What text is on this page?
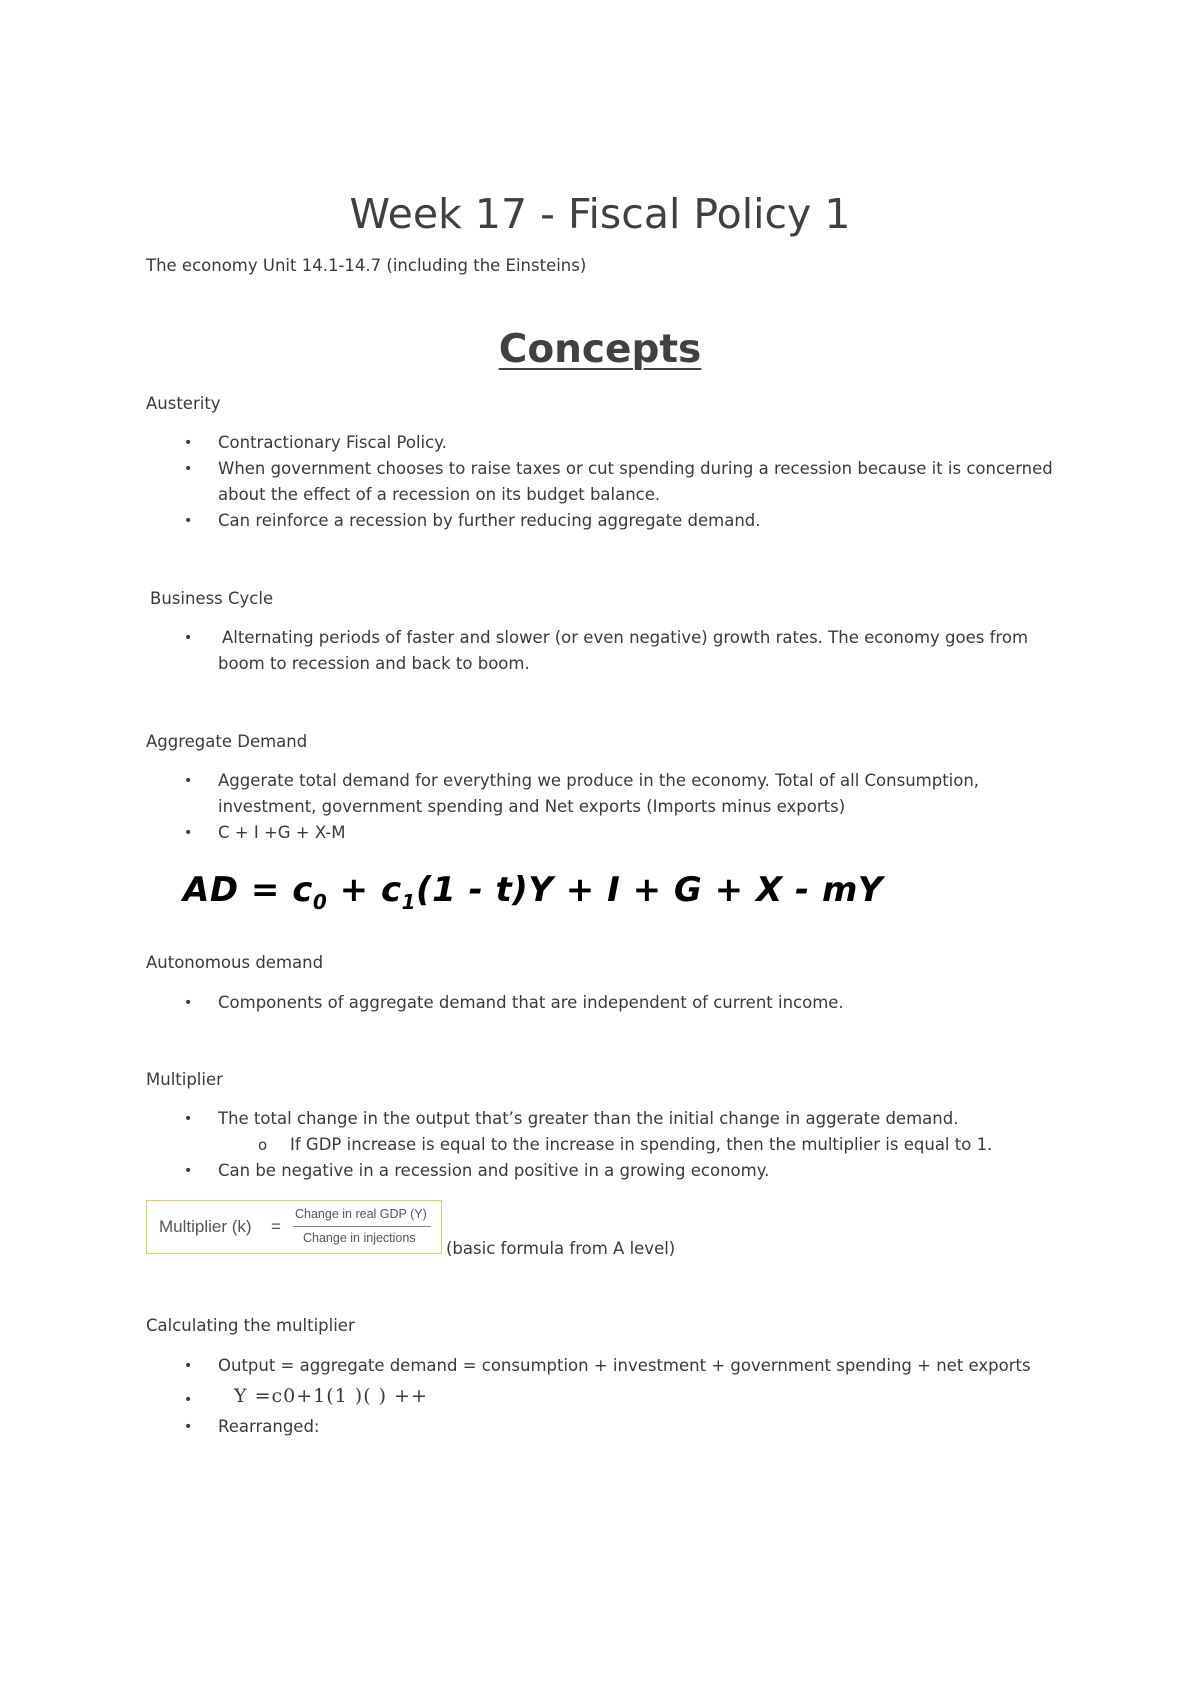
Week 17 - Fiscal Policy 1
The economy Unit 14.1-14.7 (including the Einsteins)
Concepts
Austerity
• Contractionary Fiscal Policy.
• When government chooses to raise taxes or cut spending during a recession because it is concerned
about the effect of a recession on its budget balance.
• Can reinforce a recession by further reducing aggregate demand.
Business Cycle
• Alternating periods of faster and slower (or even negative) growth rates. The economy goes from
boom to recession and back to boom.
Aggregate Demand
• Aggerate total demand for everything we produce in the economy. Total of all Consumption,
investment, government spending and Net exports (Imports minus exports)
• C + I +G + X-M
AD = $c_0 + c_1(1 - t)Y + I + G + X$ - mY
Autonomous demand
• Components of aggregate demand that are independent of current income.
Multiplier
• The total change in the output that’s greater than the initial change in aggerate demand.
o If GDP increase is equal to the increase in spending, then the multiplier is equal to 1.
• Can be negative in a recession and positive in a growing economy.
Multiplier (k) =
Change in real GDP (Y)
Change in injections
(basic formula from A level)
Calculating the multiplier
• Output = aggregate demand = consumption + investment + government spending + net exports
• Y =c0+1(1 )( ) ++
• Rearranged:
